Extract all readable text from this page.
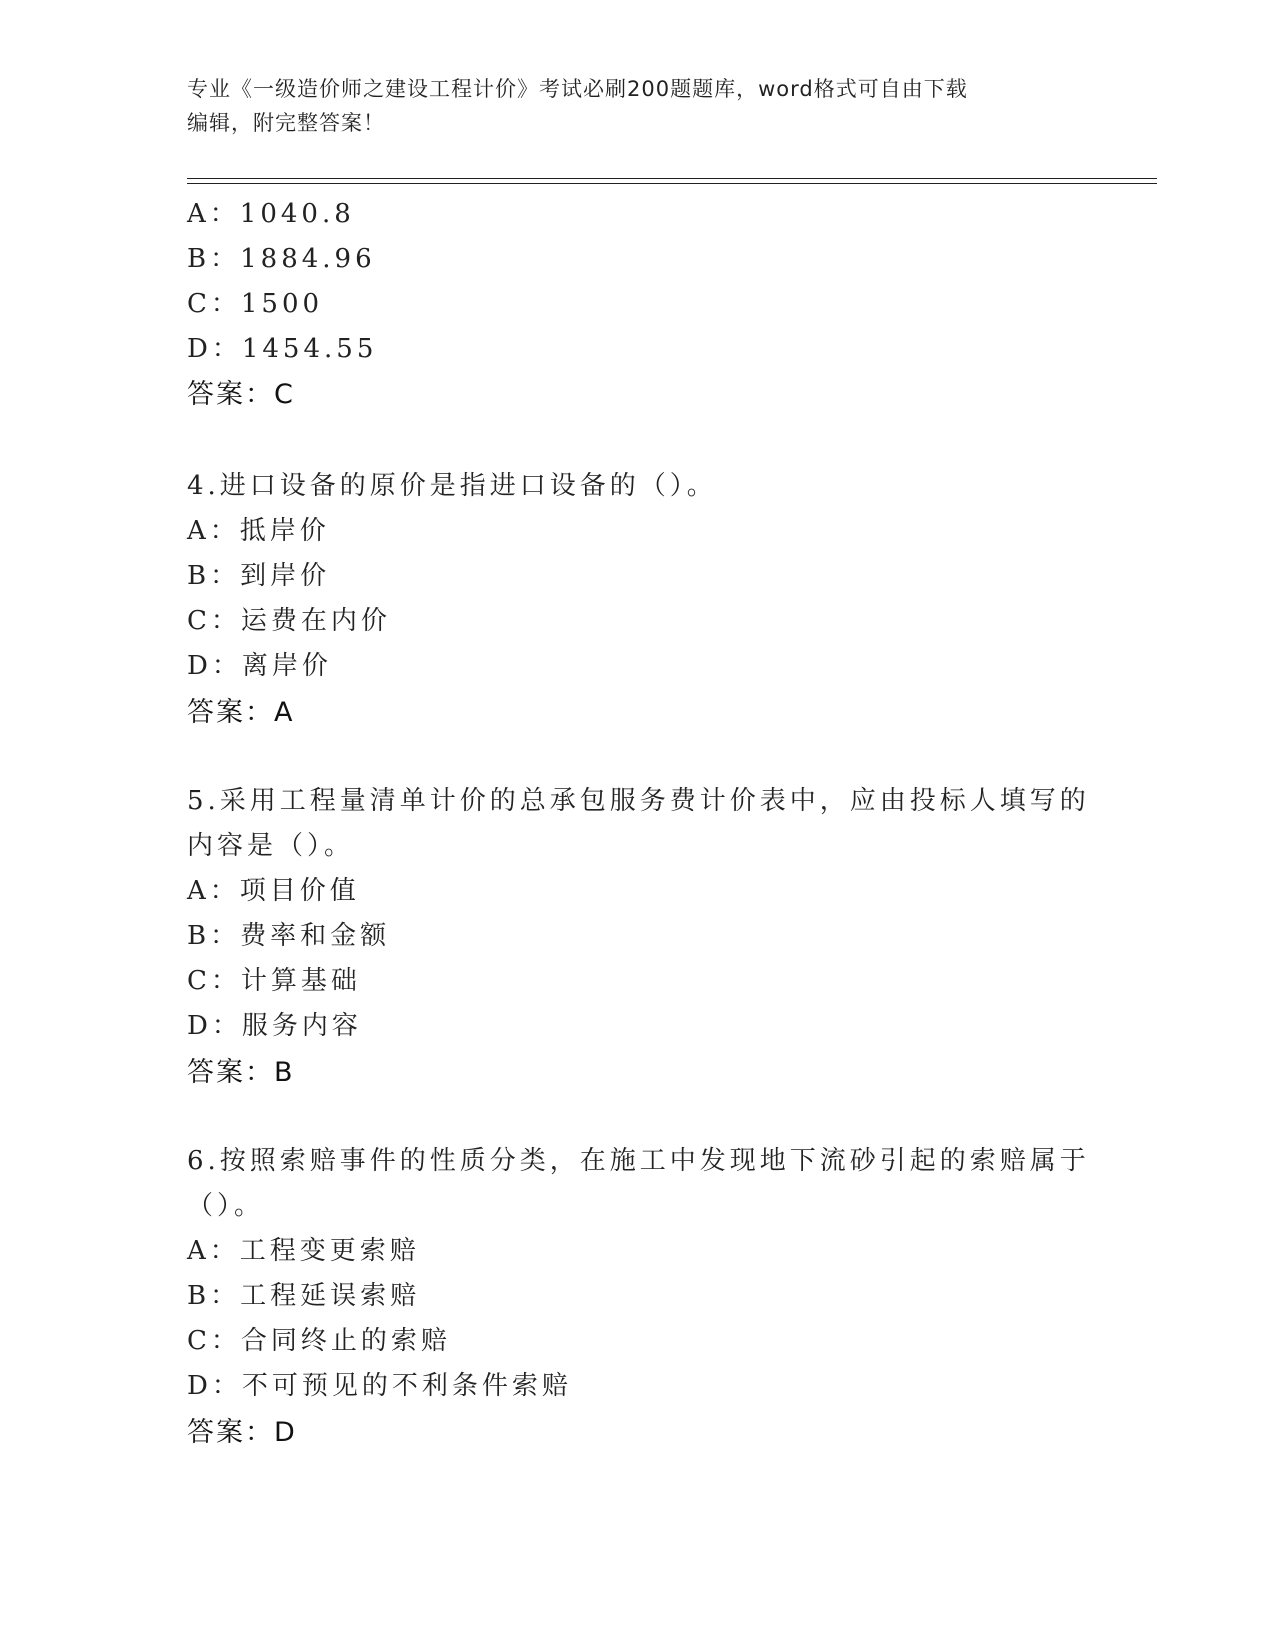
专业《一级造价师之建设工程计价》考试必刷200题题库，word格式可自由下载
编辑，附完整答案！
A：1040.8
B：1884.96
C：1500
D：1454.55
答案：C
4.进口设备的原价是指进口设备的（）。
A：抵岸价
B：到岸价
C：运费在内价
D：离岸价
答案：A
5.采用工程量清单计价的总承包服务费计价表中，应由投标人填写的
内容是（）。
A：项目价值
B：费率和金额
C：计算基础
D：服务内容
答案：B
6.按照索赔事件的性质分类，在施工中发现地下流砂引起的索赔属于
（）。
A：工程变更索赔
B：工程延误索赔
C：合同终止的索赔
D：不可预见的不利条件索赔
答案：D
